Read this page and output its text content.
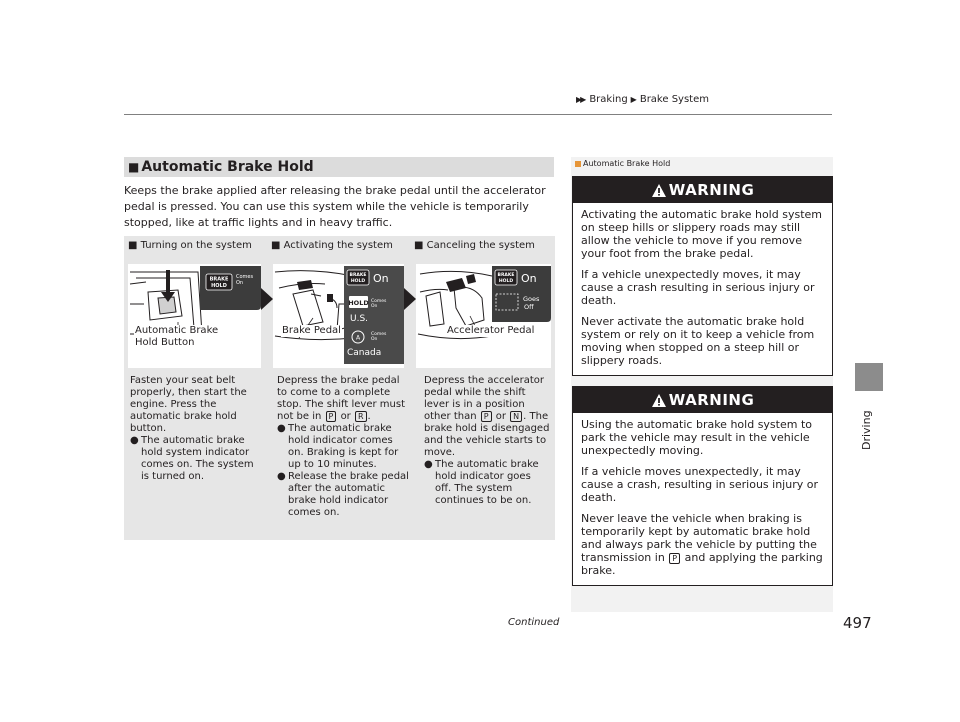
▶▶ Braking ▶ Brake System
Driving
■ Automatic Brake Hold

Keeps the brake applied after releasing the brake pedal until the accelerator pedal is pressed. You can use this system while the vehicle is temporarily stopped, like at traffic lights and in heavy traffic.

■ Turning on the system ■ Activating the system ■ Canceling the system
BRAKE
HOLD
Comes
On
BRAKE
HOLD On
HOLD Comes
On
U.S.
A Comes
On
Canada
BRAKE
HOLD On
Goes
Off
Automatic Brake
Hold Button
Brake Pedal	Accelerator Pedal
Fasten your seat belt
properly, then start the
engine. Press the
automatic brake hold
button.
● The automatic brake
hold system indicator
comes on. The system
is turned on.
Depress the brake pedal
to come to a complete
stop. The shift lever must
not be in P or R .
● The automatic brake
hold indicator comes
on. Braking is kept for
up to 10 minutes.
● Release the brake pedal
after the automatic
brake hold indicator
comes on.
Depress the accelerator
pedal while the shift
lever is in a position
other than P or N . The
brake hold is disengaged
and the vehicle starts to
move.
● The automatic brake
hold indicator goes
off. The system
continues to be on.
Automatic Brake Hold
WARNING

Activating the automatic brake hold system on steep hills or slippery roads may still allow the vehicle to move if you remove your foot from the brake pedal.

If a vehicle unexpectedly moves, it may cause a crash resulting in serious injury or death.

Never activate the automatic brake hold system or rely on it to keep a vehicle from moving when stopped on a steep hill or slippery roads.

WARNING

Using the automatic brake hold system to park the vehicle may result in the vehicle unexpectedly moving.

If a vehicle moves unexpectedly, it may cause a crash, resulting in serious injury or death.

Never leave the vehicle when braking is temporarily kept by automatic brake hold and always park the vehicle by putting the transmission in P and applying the parking brake.

Continued	497
